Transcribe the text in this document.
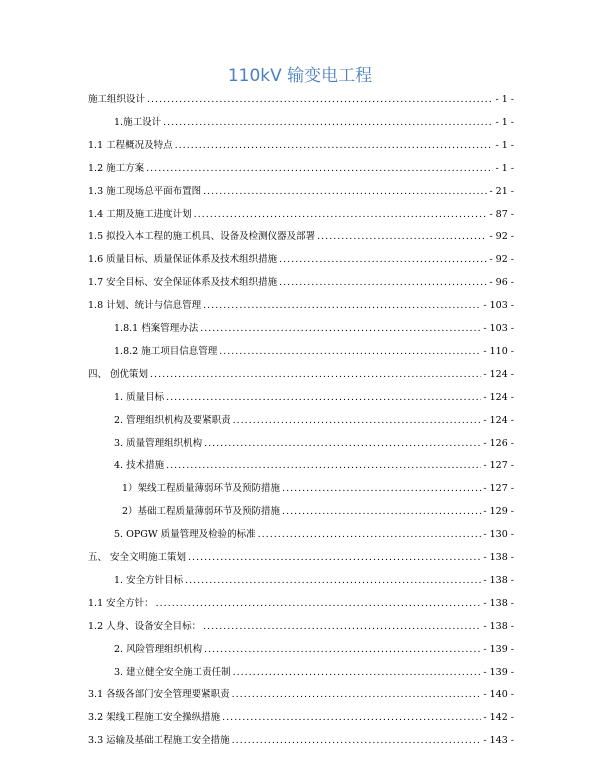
110kV 输变电工程
施工组织设计 .....	- 1 -
1.施工设计 .....	- 1 -
1.1 工程概况及特点 .....	- 1 -
1.2 施工方案 .....	- 1 -
1.3 施工现场总平面布置图 .....	- 21 -
1.4 工期及施工进度计划 .....	- 87 -
1.5 拟投入本工程的施工机具、设备及检测仪器及部署 .....	- 92 -
1.6 质量目标、质量保证体系及技术组织措施 .....	- 92 -
1.7 安全目标、安全保证体系及技术组织措施 .....	- 96 -
1.8 计划、统计与信息管理 .....	- 103 -
1.8.1 档案管理办法 .....	- 103 -
1.8.2 施工项目信息管理 .....	- 110 -
四、 创优策划 .....	- 124 -
1. 质量目标 .....	- 124 -
2. 管理组织机构及要紧职责 .....	- 124 -
3. 质量管理组织机构 .....	- 126 -
4. 技术措施 .....	- 127 -
1）架线工程质量薄弱环节及预防措施 .....	- 127 -
2）基础工程质量薄弱环节及预防措施 .....	- 129 -
5. OPGW 质量管理及检验的标准 .....	- 130 -
五、 安全文明施工策划 .....	- 138 -
1. 安全方针目标 .....	- 138 -
1.1 安全方针： .....	- 138 -
1.2 人身、设备安全目标： .....	- 138 -
2. 风险管理组织机构 .....	- 139 -
3. 建立健全安全施工责任制 .....	- 139 -
3.1 各级各部门安全管理要紧职责 .....	- 140 -
3.2 架线工程施工安全操纵措施 .....	- 142 -
3.3 运输及基础工程施工安全措施 .....	- 143 -
